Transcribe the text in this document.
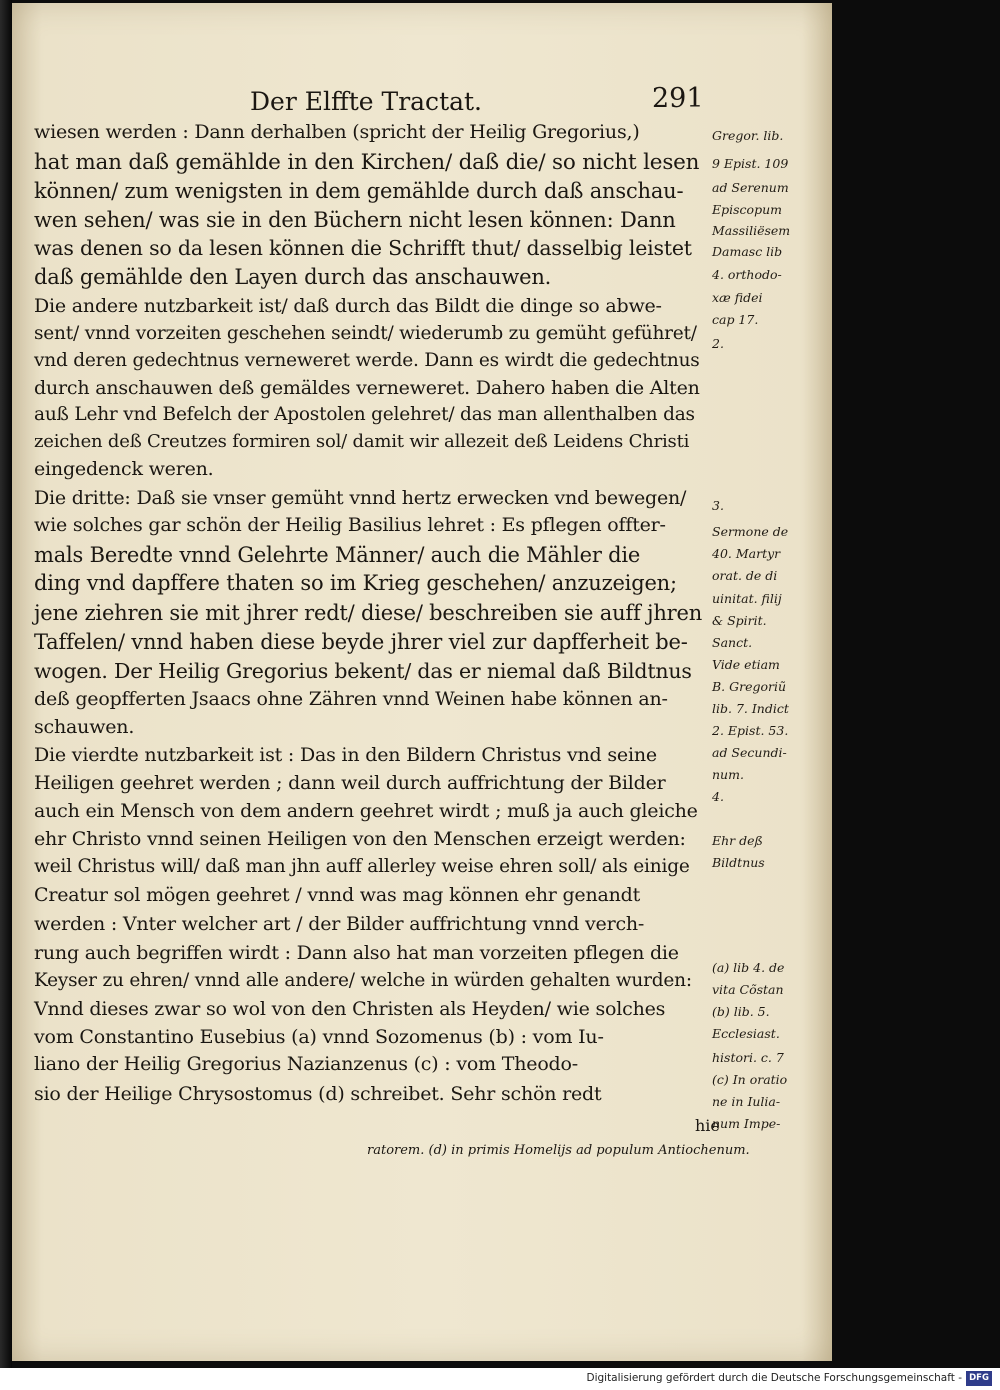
Der Elffte Tractat.	291
wiesen werden : Dann derhalben (spricht der Heilig Gregorius,)
hat man daß gemählde in den Kirchen/ daß die/ so nicht lesen
können/ zum wenigsten in dem gemählde durch daß anschau-
wen sehen/ was sie in den Büchern nicht lesen können: Dann
was denen so da lesen können die Schrifft thut/ dasselbig leistet
daß gemählde den Layen durch das anschauwen.
Die andere nutzbarkeit ist/ daß durch das Bildt die dinge so abwe-
sent/ vnnd vorzeiten geschehen seindt/ wiederumb zu gemüht geführet/
vnd deren gedechtnus verneweret werde. Dann es wirdt die gedechtnus
durch anschauwen deß gemäldes verneweret. Dahero haben die Alten
auß Lehr vnd Befelch der Apostolen gelehret/ das man allenthalben das
zeichen deß Creutzes formiren sol/ damit wir allezeit deß Leidens Christi
eingedenck weren.
Die dritte: Daß sie vnser gemüht vnnd hertz erwecken vnd bewegen/
wie solches gar schön der Heilig Basilius lehret : Es pflegen offter-
mals Beredte vnnd Gelehrte Männer/ auch die Mähler die
ding vnd dapffere thaten so im Krieg geschehen/ anzuzeigen;
jene ziehren sie mit jhrer redt/ diese/ beschreiben sie auff jhren
Taffelen/ vnnd haben diese beyde jhrer viel zur dapfferheit be-
wogen. Der Heilig Gregorius bekent/ das er niemal daß Bildtnus
deß geopfferten Jsaacs ohne Zähren vnnd Weinen habe können an-
schauwen.
Die vierdte nutzbarkeit ist : Das in den Bildern Christus vnd seine
Heiligen geehret werden ; dann weil durch auffrichtung der Bilder
auch ein Mensch von dem andern geehret wirdt ; muß ja auch gleiche
ehr Christo vnnd seinen Heiligen von den Menschen erzeigt werden:
weil Christus will/ daß man jhn auff allerley weise ehren soll/ als einige
Creatur sol mögen geehret / vnnd was mag können ehr genandt
werden : Vnter welcher art / der Bilder auffrichtung vnnd verch-
rung auch begriffen wirdt : Dann also hat man vorzeiten pflegen die
Keyser zu ehren/ vnnd alle andere/ welche in würden gehalten wurden:
Vnnd dieses zwar so wol von den Christen als Heyden/ wie solches
vom Constantino Eusebius (a) vnnd Sozomenus (b) : vom Iu-
liano der Heilig Gregorius Nazianzenus (c) : vom Theodo-
sio der Heilige Chrysostomus (d) schreibet. Sehr schön redt
Gregor. lib.
9 Epist. 109
ad Serenum
Episcopum
Massiliësem
Damasc lib
4. orthodo-
xæ fidei
cap 17.
2.
3.
Sermone de
40. Martyr
orat. de di
uinitat. filij
& Spirit.
Sanct.
Vide etiam
B. Gregoriũ
lib. 7. Indict
2. Epist. 53.
ad Secundi-
num.
4.
Ehr deß
Bildtnus
(a) lib 4. de
vita Cõstan
(b) lib. 5.
Ecclesiast.
histori. c. 7
(c) In oratio
ne in Iulia-
num Impe-
hie
ratorem. (d) in primis Homelijs ad populum Antiochenum.
Digitalisierung gefördert durch die Deutsche Forschungsgemeinschaft - DFG
